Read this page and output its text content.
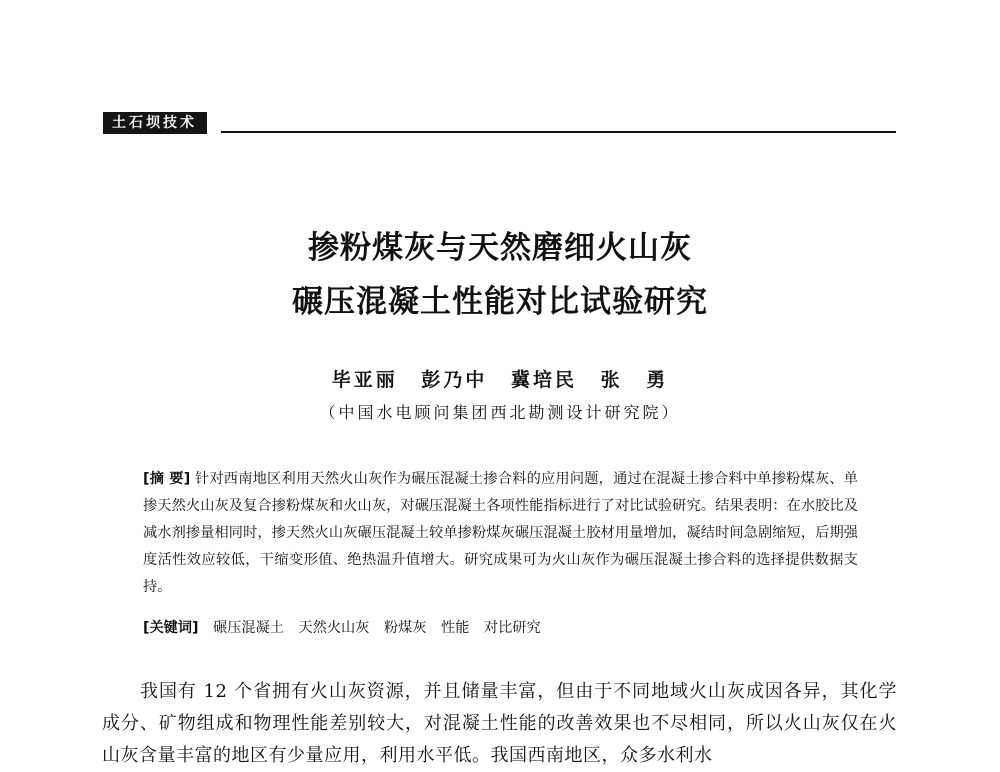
土石坝技术
掺粉煤灰与天然磨细火山灰
碾压混凝土性能对比试验研究
毕亚丽 彭乃中 冀培民 张 勇
（中国水电顾问集团西北勘测设计研究院）
[摘 要] 针对西南地区利用天然火山灰作为碾压混凝土掺合料的应用问题，通过在混凝土掺合料中单掺粉煤灰、单掺天然火山灰及复合掺粉煤灰和火山灰，对碾压混凝土各项性能指标进行了对比试验研究。结果表明：在水胶比及减水剂掺量相同时，掺天然火山灰碾压混凝土较单掺粉煤灰碾压混凝土胶材用量增加，凝结时间急剧缩短，后期强度活性效应较低，干缩变形值、绝热温升值增大。研究成果可为火山灰作为碾压混凝土掺合料的选择提供数据支持。
[关键词] 碾压混凝土 天然火山灰 粉煤灰 性能 对比研究
我国有 12 个省拥有火山灰资源，并且储量丰富，但由于不同地域火山灰成因各异，其化学成分、矿物组成和物理性能差别较大，对混凝土性能的改善效果也不尽相同，所以火山灰仅在火山灰含量丰富的地区有少量应用，利用水平低。我国西南地区，众多水利水
